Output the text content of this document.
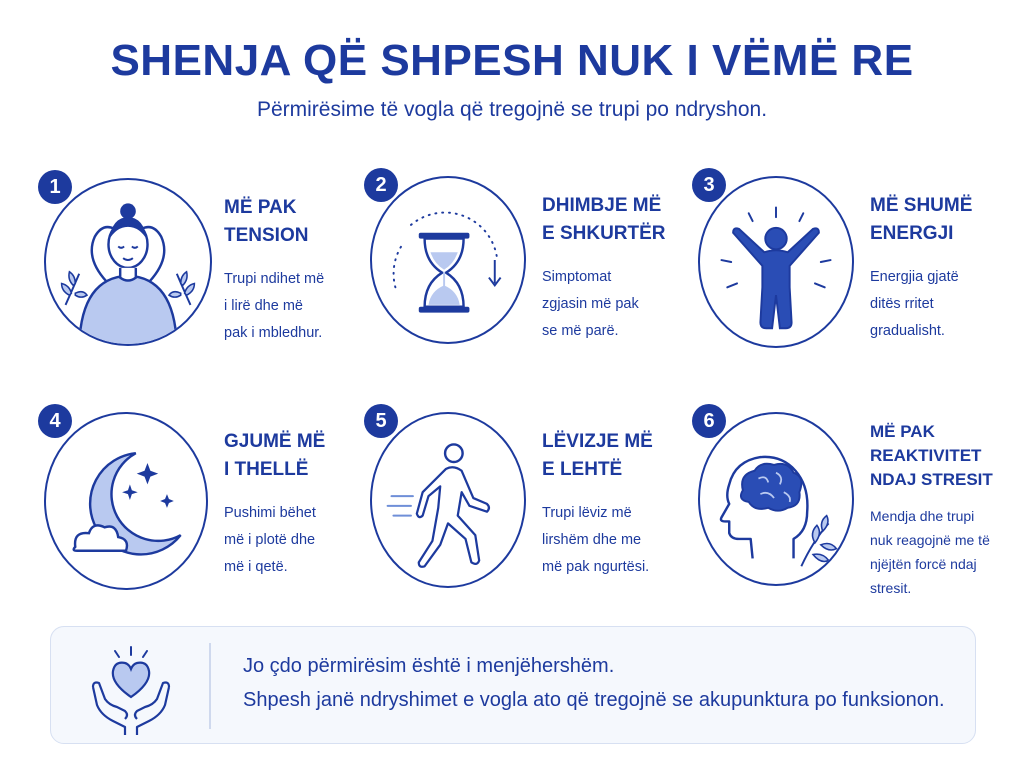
SHENJA QË SHPESH NUK I VËMË RE
Përmirësime të vogla që tregojnë se trupi po ndryshon.
1
MË PAK
TENSION
Trupi ndihet më
i lirë dhe më
pak i mbledhur.
2
DHIMBJE MË
E SHKURTËR
Simptomat
zgjasin më pak
se më parë.
3
MË SHUMË
ENERGJI
Energjia gjatë
ditës rritet
gradualisht.
4
GJUMË MË
I THELLË
Pushimi bëhet
më i plotë dhe
më i qetë.
5
LËVIZJE MË
E LEHTË
Trupi lëviz më
lirshëm dhe me
më pak ngurtësi.
6	MË PAK
REAKTIVITET
NDAJ STRESIT
Mendja dhe trupi
nuk reagojnë me të
njëjtën forcë ndaj
stresit.
Jo çdo përmirësim është i menjëhershëm.
Shpesh janë ndryshimet e vogla ato që tregojnë se akupunktura po funksionon.
